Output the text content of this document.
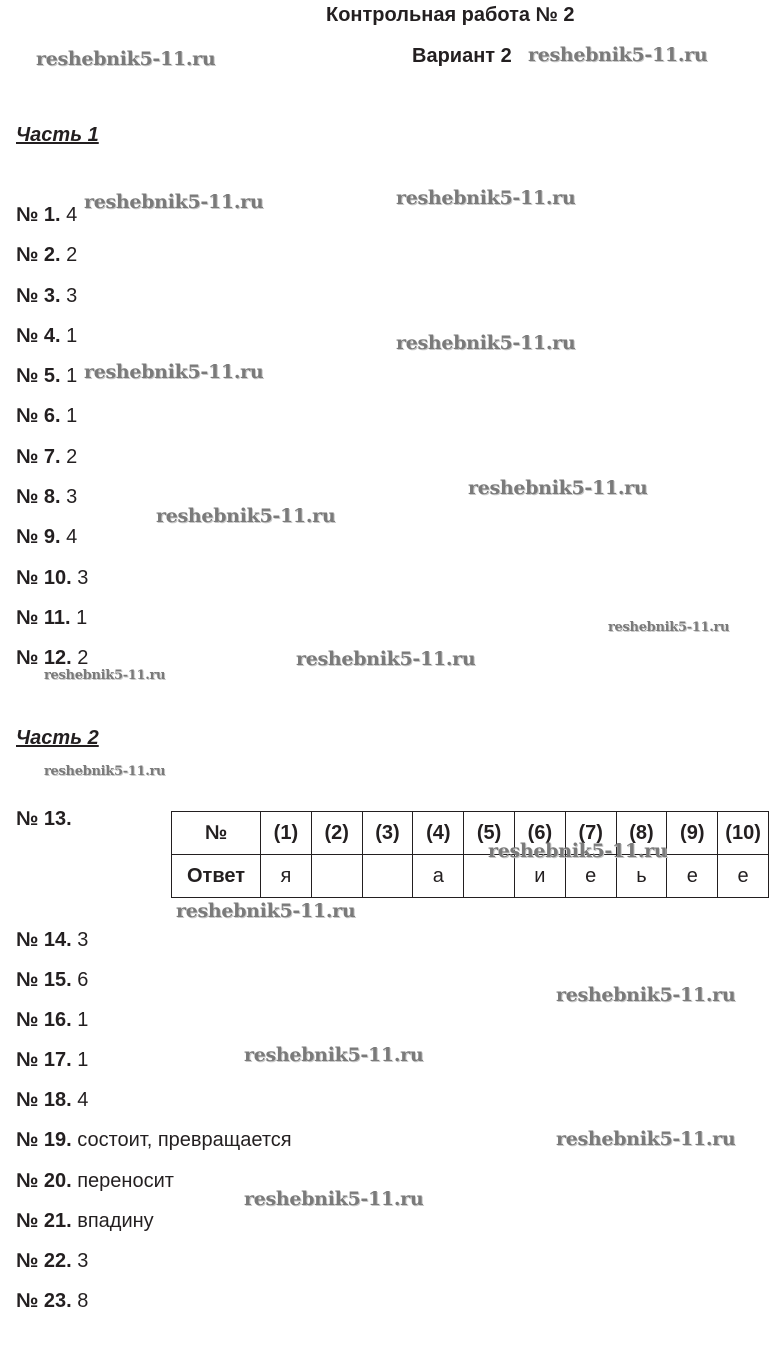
Контрольная работа № 2
Вариант 2
Часть 1
№ 1. 4
№ 2. 2
№ 3. 3
№ 4. 1
№ 5. 1
№ 6. 1
№ 7. 2
№ 8. 3
№ 9. 4
№ 10. 3
№ 11. 1
№ 12. 2
Часть 2
№ 13.
№	(1)	(2)	(3)	(4)	(5)	(6)	(7)	(8)	(9)	(10)
Ответ	я			а		и	е	ь	е	е
№ 14. 3
№ 15. 6
№ 16. 1
№ 17. 1
№ 18. 4
№ 19. состоит, превращается
№ 20. переносит
№ 21. впадину
№ 22. 3
№ 23. 8
reshebnik5-11.ru	reshebnik5-11.ru
reshebnik5-11.ru	reshebnik5-11.ru
reshebnik5-11.ru
reshebnik5-11.ru
reshebnik5-11.ru
reshebnik5-11.ru
reshebnik5-11.ru
reshebnik5-11.ru
reshebnik5-11.ru
reshebnik5-11.ru
reshebnik5-11.ru
reshebnik5-11.ru
reshebnik5-11.ru
reshebnik5-11.ru
reshebnik5-11.ru
reshebnik5-11.ru
